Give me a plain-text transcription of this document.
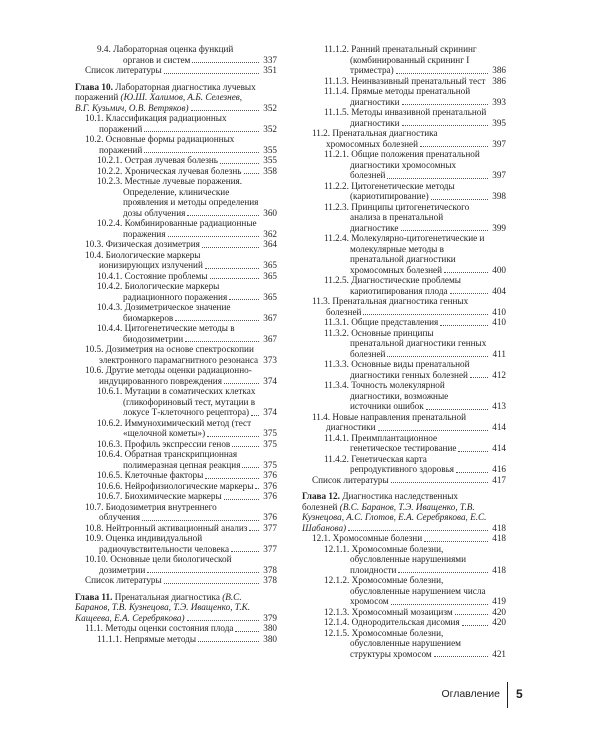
9.4. Лабораторная оценка функций органов и систем	337
Список литературы	351
Глава 10. Лабораторная диагностика лучевых поражений (Ю.Ш. Халимов, А.Б. Селезнев, В.Г. Кузьмич, О.В. Ветряков)	352
10.1. Классификация радиационных поражений	352
10.2. Основные формы радиационных поражений	355
10.2.1. Острая лучевая болезнь	355
10.2.2. Хроническая лучевая болезнь	358
10.2.3. Местные лучевые поражения. Определение, клинические проявления и методы определения дозы облучения	360
10.2.4. Комбинированные радиационные поражения	362
10.3. Физическая дозиметрия	364
10.4. Биологические маркеры ионизирующих излучений	365
10.4.1. Состояние проблемы	365
10.4.2. Биологические маркеры радиационного поражения	365
10.4.3. Дозиметрическое значение биомаркеров	367
10.4.4. Цитогенетические методы в биодозиметрии	367
10.5. Дозиметрия на основе спектроскопии электронного парамагнитного резонанса 373
10.6. Другие методы оценки радиационно-индуцированного повреждения	374
10.6.1. Мутации в соматических клетках (гликофориновый тест, мутации в локусе Т-клеточного рецептора)	374
10.6.2. Иммунохимический метод (тест «щелочной кометы»)	375
10.6.3. Профиль экспрессии генов	375
10.6.4. Обратная транскрипционная полимеразная цепная реакция	375
10.6.5. Клеточные факторы	376
10.6.6. Нейрофизиологические маркеры	376
10.6.7. Биохимические маркеры	376
10.7. Биодозиметрия внутреннего облучения	376
10.8. Нейтронный активационный анализ	377
10.9. Оценка индивидуальной радиочувствительности человека	377
10.10. Основные цели биологической дозиметрии	378
Список литературы	378
Глава 11. Пренатальная диагностика (В.С. Баранов, Т.В. Кузнецова, Т.Э. Иващенко, Т.К. Кащеева, Е.А. Серебрякова)	379
11.1. Методы оценки состояния плода	380
11.1.1. Непрямые методы	380
11.1.2. Ранний пренатальный скрининг (комбинированный скрининг I триместра)	386
11.1.3. Неинвазивный пренатальный тест 386
11.1.4. Прямые методы пренатальной диагностики	393
11.1.5. Методы инвазивной пренатальной диагностики	395
11.2. Пренатальная диагностика хромосомных болезней	397
11.2.1. Общие положения пренатальной диагностики хромосомных болезней	397
11.2.2. Цитогенетические методы (кариотипирование)	398
11.2.3. Принципы цитогенетического анализа в пренатальной диагностике	399
11.2.4. Молекулярно-цитогенетические и молекулярные методы в пренатальной диагностики хромосомных болезней	400
11.2.5. Диагностические проблемы кариотипирования плода	404
11.3. Пренатальная диагностика генных болезней	410
11.3.1. Общие представления	410
11.3.2. Основные принципы пренатальной диагностики генных болезней	411
11.3.3. Основные виды пренатальной диагностики генных болезней	412
11.3.4. Точность молекулярной диагностики, возможные источники ошибок	413
11.4. Новые направления пренатальной диагностики	414
11.4.1. Преимплантационное генетическое тестирование	414
11.4.2. Генетическая карта репродуктивного здоровья	416
Список литературы	417
Глава 12. Диагностика наследственных болезней (В.С. Баранов, Т.Э. Иващенко, Т.В. Кузнецова, А.С. Глотов, Е.А. Серебрякова, Е.С. Шабанова)	418
12.1. Хромосомные болезни	418
12.1.1. Хромосомные болезни, обусловленные нарушениями плоидности	418
12.1.2. Хромосомные болезни, обусловленные нарушением числа хромосом	419
12.1.3. Хромосомный мозаицизм	420
12.1.4. Однородительская дисомия	420
12.1.5. Хромосомные болезни, обусловленные нарушением структуры хромосом	421
Оглавление 5
